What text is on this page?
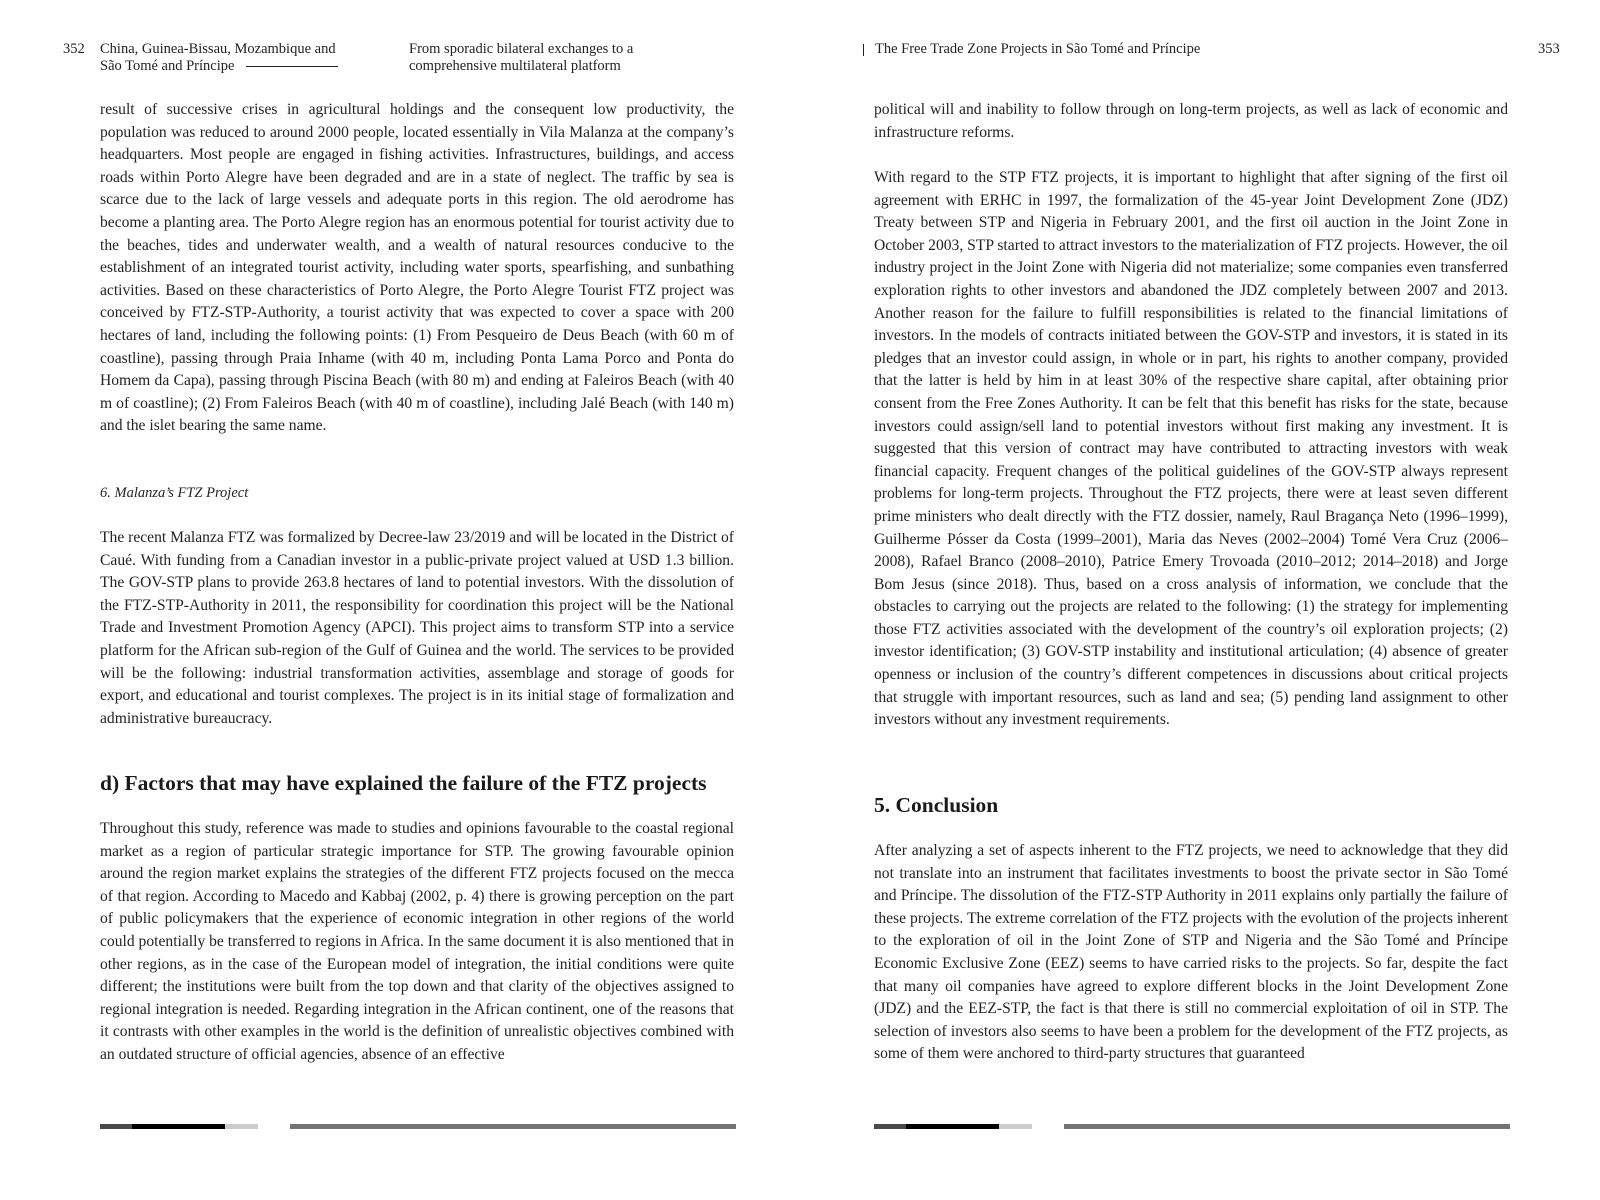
352 China, Guinea-Bissau, Mozambique and São Tomé and Príncipe
From sporadic bilateral exchanges to a comprehensive multilateral platform

result of successive crises in agricultural holdings and the consequent low productivity, the population was reduced to around 2000 people, located essentially in Vila Malanza at the company’s headquarters. Most people are engaged in fishing activities. Infrastructures, buildings, and access roads within Porto Alegre have been degraded and are in a state of neglect. The traffic by sea is scarce due to the lack of large vessels and adequate ports in this region. The old aerodrome has become a planting area. The Porto Alegre region has an enormous potential for tourist activity due to the beaches, tides and underwater wealth, and a wealth of natural resources conducive to the establishment of an integrated tourist activity, including water sports, spearfishing, and sunbathing activities. Based on these characteristics of Porto Alegre, the Porto Alegre Tourist FTZ project was conceived by FTZ-STP-Authority, a tourist activity that was expected to cover a space with 200 hectares of land, including the following points: (1) From Pesqueiro de Deus Beach (with 60 m of coastline), passing through Praia Inhame (with 40 m, including Ponta Lama Porco and Ponta do Homem da Capa), passing through Piscina Beach (with 80 m) and ending at Faleiros Beach (with 40 m of coastline); (2) From Faleiros Beach (with 40 m of coastline), including Jalé Beach (with 140 m) and the islet bearing the same name.

6. Malanza’s FTZ Project

The recent Malanza FTZ was formalized by Decree-law 23/2019 and will be located in the District of Caué. With funding from a Canadian investor in a public-private project valued at USD 1.3 billion. The GOV-STP plans to provide 263.8 hectares of land to potential investors. With the dissolution of the FTZ-STP-Authority in 2011, the responsibility for coordination this project will be the National Trade and Investment Promotion Agency (APCI). This project aims to transform STP into a service platform for the African sub-region of the Gulf of Guinea and the world. The services to be provided will be the following: industrial transformation activities, assemblage and storage of goods for export, and educational and tourist complexes. The project is in its initial stage of formalization and administrative bureaucracy.

d) Factors that may have explained the failure of the FTZ projects

Throughout this study, reference was made to studies and opinions favourable to the coastal regional market as a region of particular strategic importance for STP. The growing favourable opinion around the region market explains the strategies of the different FTZ projects focused on the mecca of that region. According to Macedo and Kabbaj (2002, p. 4) there is growing perception on the part of public policymakers that the experience of economic integration in other regions of the world could potentially be transferred to regions in Africa. In the same document it is also mentioned that in other regions, as in the case of the European model of integration, the initial conditions were quite different; the institutions were built from the top down and that clarity of the objectives assigned to regional integration is needed. Regarding integration in the African continent, one of the reasons that it contrasts with other examples in the world is the definition of unrealistic objectives combined with an outdated structure of official agencies, absence of an effective

The Free Trade Zone Projects in São Tomé and Príncipe	353

political will and inability to follow through on long-term projects, as well as lack of economic and infrastructure reforms.

With regard to the STP FTZ projects, it is important to highlight that after signing of the first oil agreement with ERHC in 1997, the formalization of the 45-year Joint Development Zone (JDZ) Treaty between STP and Nigeria in February 2001, and the first oil auction in the Joint Zone in October 2003, STP started to attract investors to the materialization of FTZ projects. However, the oil industry project in the Joint Zone with Nigeria did not materialize; some companies even transferred exploration rights to other investors and abandoned the JDZ completely between 2007 and 2013. Another reason for the failure to fulfill responsibilities is related to the financial limitations of investors. In the models of contracts initiated between the GOV-STP and investors, it is stated in its pledges that an investor could assign, in whole or in part, his rights to another company, provided that the latter is held by him in at least 30% of the respective share capital, after obtaining prior consent from the Free Zones Authority. It can be felt that this benefit has risks for the state, because investors could assign/sell land to potential investors without first making any investment. It is suggested that this version of contract may have contributed to attracting investors with weak financial capacity. Frequent changes of the political guidelines of the GOV-STP always represent problems for long-term projects. Throughout the FTZ projects, there were at least seven different prime ministers who dealt directly with the FTZ dossier, namely, Raul Bragança Neto (1996–1999), Guilherme Pósser da Costa (1999–2001), Maria das Neves (2002–2004) Tomé Vera Cruz (2006–2008), Rafael Branco (2008–2010), Patrice Emery Trovoada (2010–2012; 2014–2018) and Jorge Bom Jesus (since 2018). Thus, based on a cross analysis of information, we conclude that the obstacles to carrying out the projects are related to the following: (1) the strategy for implementing those FTZ activities associated with the development of the country’s oil exploration projects; (2) investor identification; (3) GOV-STP instability and institutional articulation; (4) absence of greater openness or inclusion of the country’s different competences in discussions about critical projects that struggle with important resources, such as land and sea; (5) pending land assignment to other investors without any investment requirements.

5. Conclusion

After analyzing a set of aspects inherent to the FTZ projects, we need to acknowledge that they did not translate into an instrument that facilitates investments to boost the private sector in São Tomé and Príncipe. The dissolution of the FTZ-STP Authority in 2011 explains only partially the failure of these projects. The extreme correlation of the FTZ projects with the evolution of the projects inherent to the exploration of oil in the Joint Zone of STP and Nigeria and the São Tomé and Príncipe Economic Exclusive Zone (EEZ) seems to have carried risks to the projects. So far, despite the fact that many oil companies have agreed to explore different blocks in the Joint Development Zone (JDZ) and the EEZ-STP, the fact is that there is still no commercial exploitation of oil in STP. The selection of investors also seems to have been a problem for the development of the FTZ projects, as some of them were anchored to third-party structures that guaranteed
